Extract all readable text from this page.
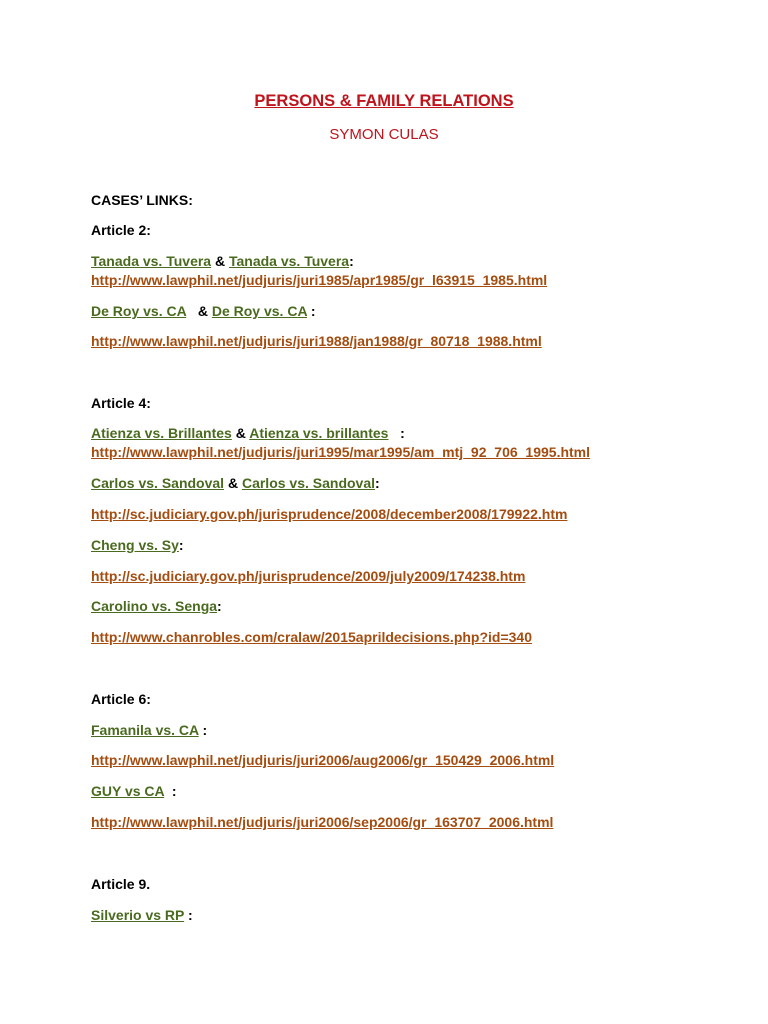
PERSONS & FAMILY RELATIONS
SYMON CULAS
CASES’ LINKS:
Article 2:
Tanada vs. Tuvera & Tanada vs. Tuvera:
http://www.lawphil.net/judjuris/juri1985/apr1985/gr_l63915_1985.html
De Roy vs. CA   & De Roy vs. CA :
http://www.lawphil.net/judjuris/juri1988/jan1988/gr_80718_1988.html
Article 4:
Atienza vs. Brillantes & Atienza vs. brillantes   :
http://www.lawphil.net/judjuris/juri1995/mar1995/am_mtj_92_706_1995.html
Carlos vs. Sandoval & Carlos vs. Sandoval:
http://sc.judiciary.gov.ph/jurisprudence/2008/december2008/179922.htm
Cheng vs. Sy:
http://sc.judiciary.gov.ph/jurisprudence/2009/july2009/174238.htm
Carolino vs. Senga:
http://www.chanrobles.com/cralaw/2015aprildecisions.php?id=340
Article 6:
Famanila vs. CA :
http://www.lawphil.net/judjuris/juri2006/aug2006/gr_150429_2006.html
GUY vs CA  :
http://www.lawphil.net/judjuris/juri2006/sep2006/gr_163707_2006.html
Article 9.
Silverio vs RP :
